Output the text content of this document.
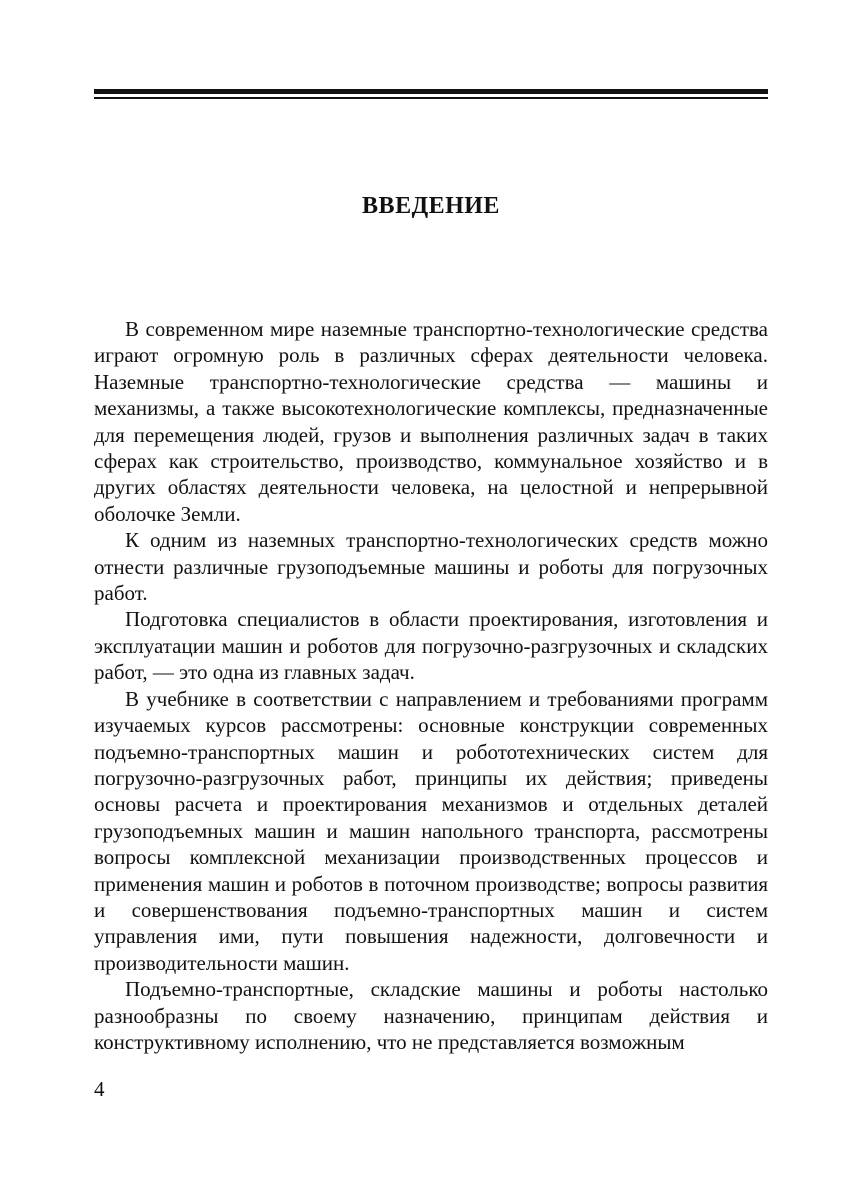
ВВЕДЕНИЕ

В современном мире наземные транспортно-технологические средства играют огромную роль в различных сферах деятельности человека. Наземные транспортно-технологические средства — машины и механизмы, а также высокотехнологические комплексы, предназначенные для перемещения людей, грузов и выполнения различных задач в таких сферах как строительство, производство, коммунальное хозяйство и в других областях деятельности человека, на целостной и непрерывной оболочке Земли.

К одним из наземных транспортно-технологических средств можно отнести различные грузоподъемные машины и роботы для погрузочных работ.

Подготовка специалистов в области проектирования, изготовления и эксплуатации машин и роботов для погрузочно-разгрузочных и складских работ, — это одна из главных задач.

В учебнике в соответствии с направлением и требованиями программ изучаемых курсов рассмотрены: основные конструкции современных подъемно-транспортных машин и робототехнических систем для погрузочно-разгрузочных работ, принципы их действия; приведены основы расчета и проектирования механизмов и отдельных деталей грузоподъемных машин и машин напольного транспорта, рассмотрены вопросы комплексной механизации производственных процессов и применения машин и роботов в поточном производстве; вопросы развития и совершенствования подъемно-транспортных машин и систем управления ими, пути повышения надежности, долговечности и производительности машин.

Подъемно-транспортные, складские машины и роботы настолько разнообразны по своему назначению, принципам действия и конструктивному исполнению, что не представляется возможным

4
